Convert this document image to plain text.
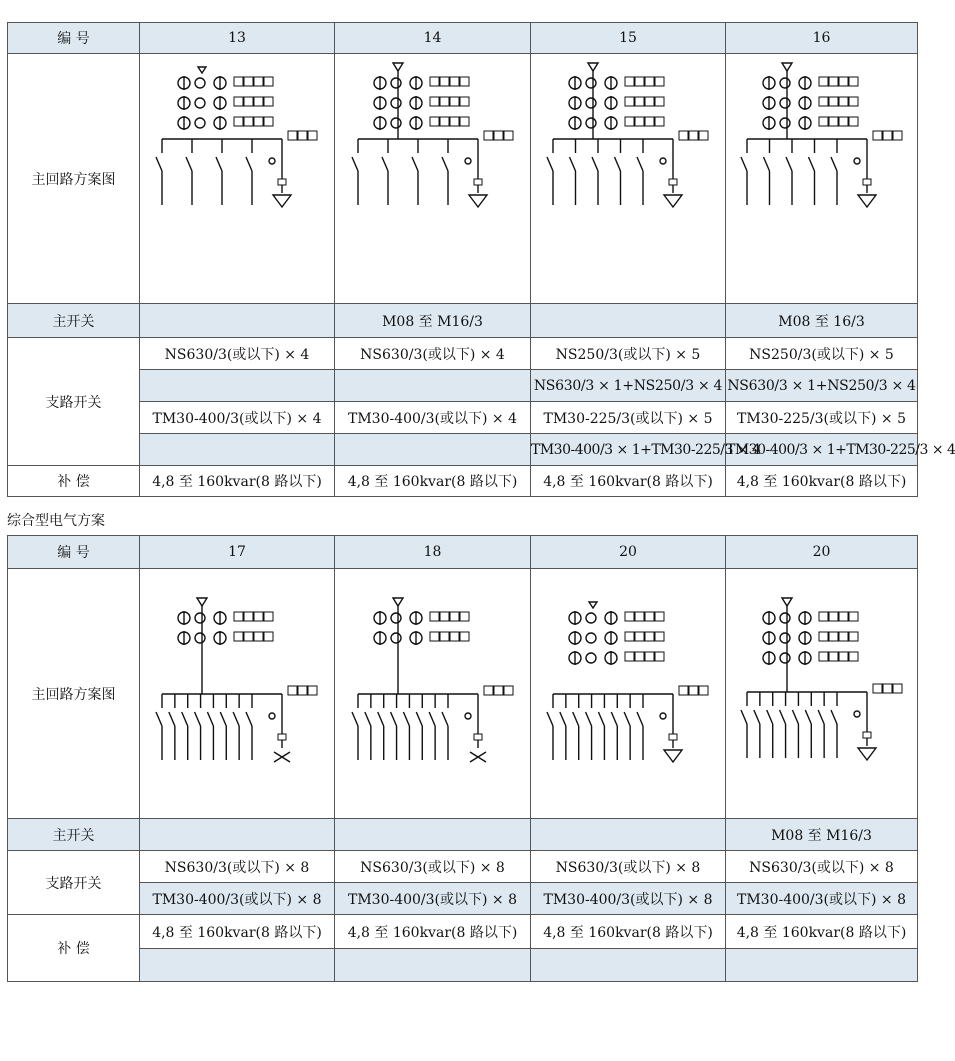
编 号	13	14	15	16
主回路方案图	

主开关		M08 至 M16/3		M08 至 16/3
支路开关	NS630/3(或以下) × 4	NS630/3(或以下) × 4	NS250/3(或以下) × 5	NS250/3(或以下) × 5
			NS630/3 × 1+NS250/3 × 4	NS630/3 × 1+NS250/3 × 4
	TM30-400/3(或以下) × 4	TM30-400/3(或以下) × 4	TM30-225/3(或以下) × 5	TM30-225/3(或以下) × 5
			TM30-400/3 × 1+TM30-225/3 × 4	TM30-400/3 × 1+TM30-225/3 × 4
补 偿	4,8 至 160kvar(8 路以下)	4,8 至 160kvar(8 路以下)	4,8 至 160kvar(8 路以下)	4,8 至 160kvar(8 路以下)
综合型电气方案
编 号	17	18	20	20
主回路方案图	

主开关				M08 至 M16/3
支路开关	NS630/3(或以下) × 8	NS630/3(或以下) × 8	NS630/3(或以下) × 8	NS630/3(或以下) × 8
	TM30-400/3(或以下) × 8	TM30-400/3(或以下) × 8	TM30-400/3(或以下) × 8	TM30-400/3(或以下) × 8
补 偿	4,8 至 160kvar(8 路以下)	4,8 至 160kvar(8 路以下)	4,8 至 160kvar(8 路以下)	4,8 至 160kvar(8 路以下)
